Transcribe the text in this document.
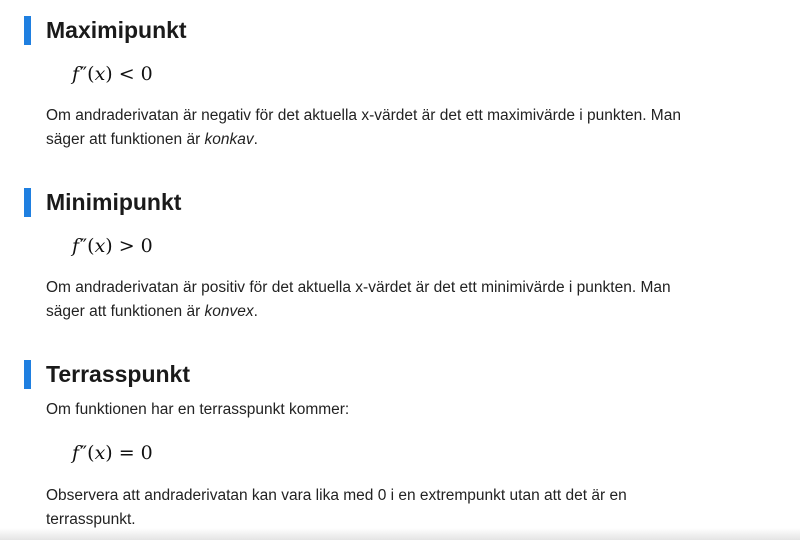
Maximipunkt
f″(x) < 0

Om andraderivatan är negativ för det aktuella x-värdet är det ett maximivärde i punkten. Man säger att funktionen är konkav.

Minimipunkt
f″(x) > 0

Om andraderivatan är positiv för det aktuella x-värdet är det ett minimivärde i punkten. Man säger att funktionen är konvex.

Terrasspunkt

Om funktionen har en terrasspunkt kommer:

f″(x) = 0

Observera att andraderivatan kan vara lika med 0 i en extrempunkt utan att det är en terrasspunkt.
